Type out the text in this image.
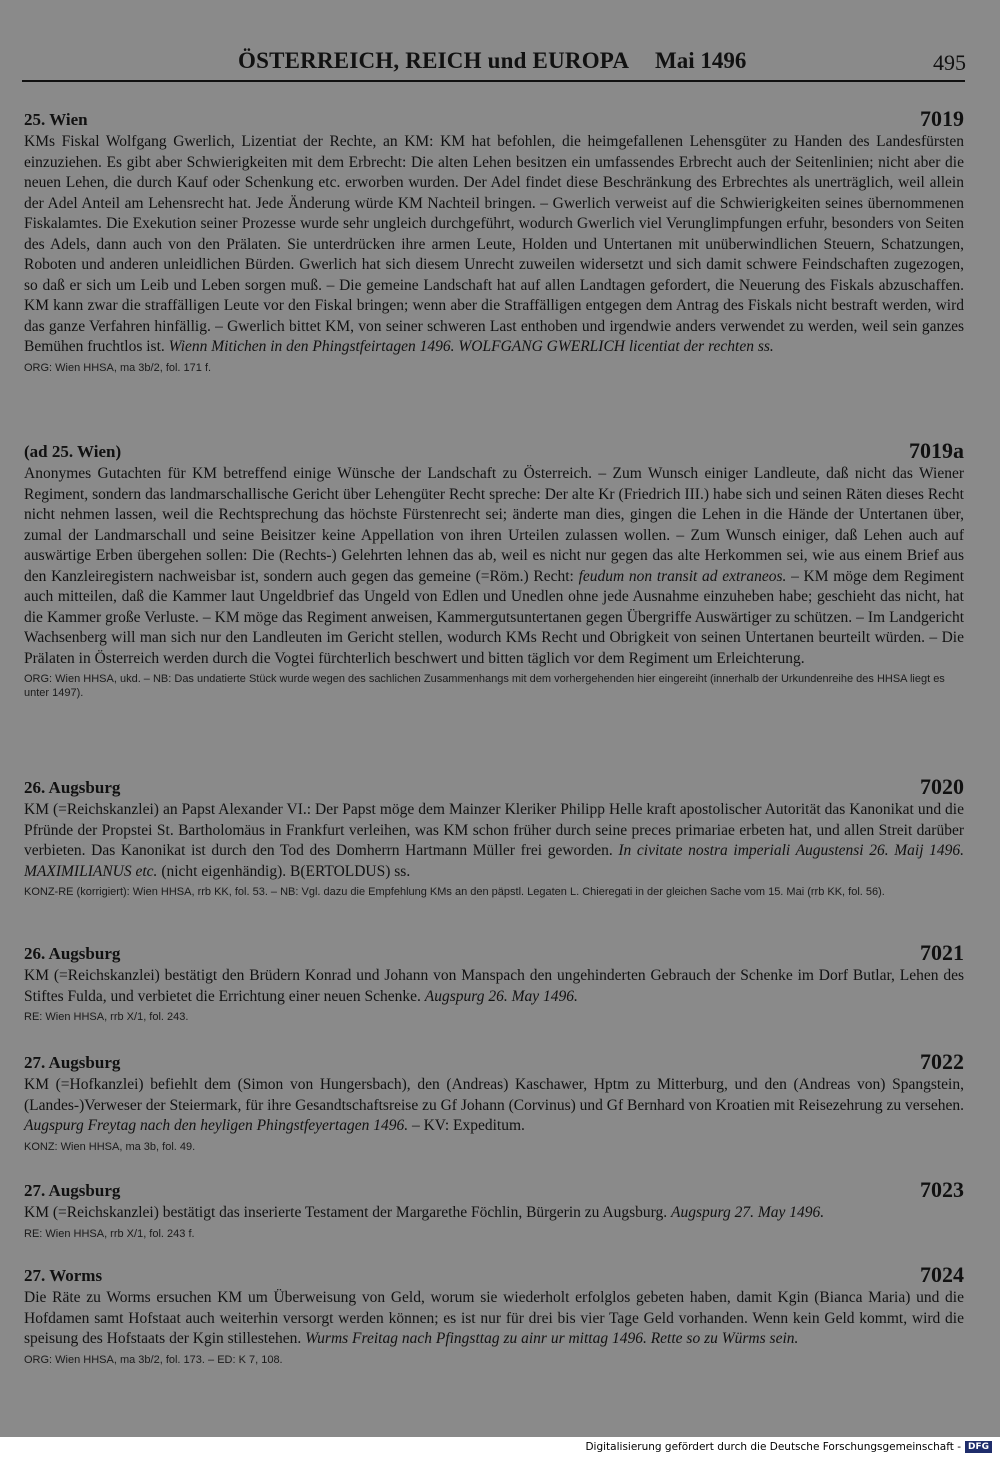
ÖSTERREICH, REICH und EUROPA Mai 1496	495
25. Wien	7019

KMs Fiskal Wolfgang Gwerlich, Lizentiat der Rechte, an KM: KM hat befohlen, die heimgefallenen Lehensgüter zu Handen des Landesfürsten einzuziehen. Es gibt aber Schwierigkeiten mit dem Erbrecht: Die alten Lehen besitzen ein umfassendes Erbrecht auch der Seitenlinien; nicht aber die neuen Lehen, die durch Kauf oder Schenkung etc. erworben wurden. Der Adel findet diese Beschränkung des Erbrechtes als unerträglich, weil allein der Adel Anteil am Lehensrecht hat. Jede Änderung würde KM Nachteil bringen. – Gwerlich verweist auf die Schwierigkeiten seines übernommenen Fiskalamtes. Die Exekution seiner Prozesse wurde sehr ungleich durchgeführt, wodurch Gwerlich viel Verunglimpfungen erfuhr, besonders von Seiten des Adels, dann auch von den Prälaten. Sie unterdrücken ihre armen Leute, Holden und Untertanen mit unüberwindlichen Steuern, Schatzungen, Roboten und anderen unleidlichen Bürden. Gwerlich hat sich diesem Unrecht zuweilen widersetzt und sich damit schwere Feindschaften zugezogen, so daß er sich um Leib und Leben sorgen muß. – Die gemeine Landschaft hat auf allen Landtagen gefordert, die Neuerung des Fiskals abzuschaffen. KM kann zwar die straffälligen Leute vor den Fiskal bringen; wenn aber die Straffälligen entgegen dem Antrag des Fiskals nicht bestraft werden, wird das ganze Verfahren hinfällig. – Gwerlich bittet KM, von seiner schweren Last enthoben und irgendwie anders verwendet zu werden, weil sein ganzes Bemühen fruchtlos ist. Wienn Mitichen in den Phingstfeirtagen 1496. WOLFGANG GWERLICH licentiat der rechten ss.

ORG: Wien HHSA, ma 3b/2, fol. 171 f.
(ad 25. Wien)	7019a

Anonymes Gutachten für KM betreffend einige Wünsche der Landschaft zu Österreich. – Zum Wunsch einiger Landleute, daß nicht das Wiener Regiment, sondern das landmarschallische Gericht über Lehengüter Recht spreche: Der alte Kr (Friedrich III.) habe sich und seinen Räten dieses Recht nicht nehmen lassen, weil die Rechtsprechung das höchste Fürstenrecht sei; änderte man dies, gingen die Lehen in die Hände der Untertanen über, zumal der Landmarschall und seine Beisitzer keine Appellation von ihren Urteilen zulassen wollen. – Zum Wunsch einiger, daß Lehen auch auf auswärtige Erben übergehen sollen: Die (Rechts-) Gelehrten lehnen das ab, weil es nicht nur gegen das alte Herkommen sei, wie aus einem Brief aus den Kanzleiregistern nachweisbar ist, sondern auch gegen das gemeine (=Röm.) Recht: feudum non transit ad extraneos. – KM möge dem Regiment auch mitteilen, daß die Kammer laut Ungeldbrief das Ungeld von Edlen und Unedlen ohne jede Ausnahme einzuheben habe; geschieht das nicht, hat die Kammer große Verluste. – KM möge das Regiment anweisen, Kammergutsuntertanen gegen Übergriffe Auswärtiger zu schützen. – Im Landgericht Wachsenberg will man sich nur den Landleuten im Gericht stellen, wodurch KMs Recht und Obrigkeit von seinen Untertanen beurteilt würden. – Die Prälaten in Österreich werden durch die Vogtei fürchterlich beschwert und bitten täglich vor dem Regiment um Erleichterung.

ORG: Wien HHSA, ukd. – NB: Das undatierte Stück wurde wegen des sachlichen Zusammenhangs mit dem vorhergehenden hier eingereiht (innerhalb der Urkundenreihe des HHSA liegt es unter 1497).
26. Augsburg	7020

KM (=Reichskanzlei) an Papst Alexander VI.: Der Papst möge dem Mainzer Kleriker Philipp Helle kraft apostolischer Autorität das Kanonikat und die Pfründe der Propstei St. Bartholomäus in Frankfurt verleihen, was KM schon früher durch seine preces primariae erbeten hat, und allen Streit darüber verbieten. Das Kanonikat ist durch den Tod des Domherrn Hartmann Müller frei geworden. In civitate nostra imperiali Augustensi 26. Maij 1496. MAXIMILIANUS etc. (nicht eigenhändig). B(ERTOLDUS) ss.

KONZ-RE (korrigiert): Wien HHSA, rrb KK, fol. 53. – NB: Vgl. dazu die Empfehlung KMs an den päpstl. Legaten L. Chieregati in der gleichen Sache vom 15. Mai (rrb KK, fol. 56).
26. Augsburg	7021

KM (=Reichskanzlei) bestätigt den Brüdern Konrad und Johann von Manspach den ungehinderten Gebrauch der Schenke im Dorf Butlar, Lehen des Stiftes Fulda, und verbietet die Errichtung einer neuen Schenke. Augspurg 26. May 1496.

RE: Wien HHSA, rrb X/1, fol. 243.
27. Augsburg	7022

KM (=Hofkanzlei) befiehlt dem (Simon von Hungersbach), den (Andreas) Kaschawer, Hptm zu Mitterburg, und den (Andreas von) Spangstein, (Landes-)Verweser der Steiermark, für ihre Gesandtschaftsreise zu Gf Johann (Corvinus) und Gf Bernhard von Kroatien mit Reisezehrung zu versehen. Augspurg Freytag nach den heyligen Phingstfeyertagen 1496. – KV: Expeditum.

KONZ: Wien HHSA, ma 3b, fol. 49.
27. Augsburg	7023

KM (=Reichskanzlei) bestätigt das inserierte Testament der Margarethe Föchlin, Bürgerin zu Augsburg. Augspurg 27. May 1496.

RE: Wien HHSA, rrb X/1, fol. 243 f.
27. Worms	7024

Die Räte zu Worms ersuchen KM um Überweisung von Geld, worum sie wiederholt erfolglos gebeten haben, damit Kgin (Bianca Maria) und die Hofdamen samt Hofstaat auch weiterhin versorgt werden können; es ist nur für drei bis vier Tage Geld vorhanden. Wenn kein Geld kommt, wird die speisung des Hofstaats der Kgin stillestehen. Wurms Freitag nach Pfingsttag zu ainr ur mittag 1496. Rette so zu Würms sein.

ORG: Wien HHSA, ma 3b/2, fol. 173. – ED: K 7, 108.
Digitalisierung gefördert durch die Deutsche Forschungsgemeinschaft - DFG
